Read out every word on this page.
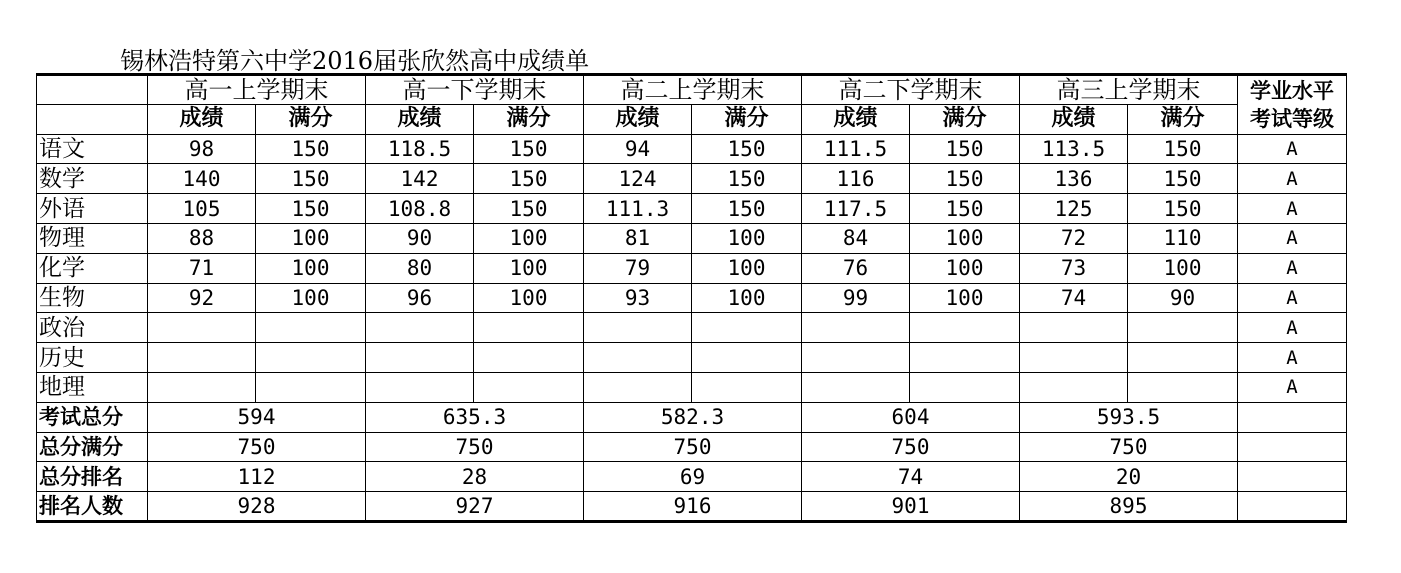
锡林浩特第六中学2016届张欣然高中成绩单
	高一上学期末		高一下学期末		高二上学期末		高二下学期末		高三上学期末		学业水平
考试等级

	成绩	满分	成绩	满分	成绩	满分	成绩	满分	成绩	满分	
语文	98	150	118.5	150	94	150	111.5	150	113.5	150	A
数学	140	150	142	150	124	150	116	150	136	150	A
外语	105	150	108.8	150	111.3	150	117.5	150	125	150	A
物理	88	100	90	100	81	100	84	100	72	110	A
化学	71	100	80	100	79	100	76	100	73	100	A
生物	92	100	96	100	93	100	99	100	74	90	A
政治											A
历史											A
地理											A
考试总分	594		635.3		582.3		604		593.5		
总分满分	750		750		750		750		750		
总分排名	112		28		69		74		20		
排名人数	928		927		916		901		895		
